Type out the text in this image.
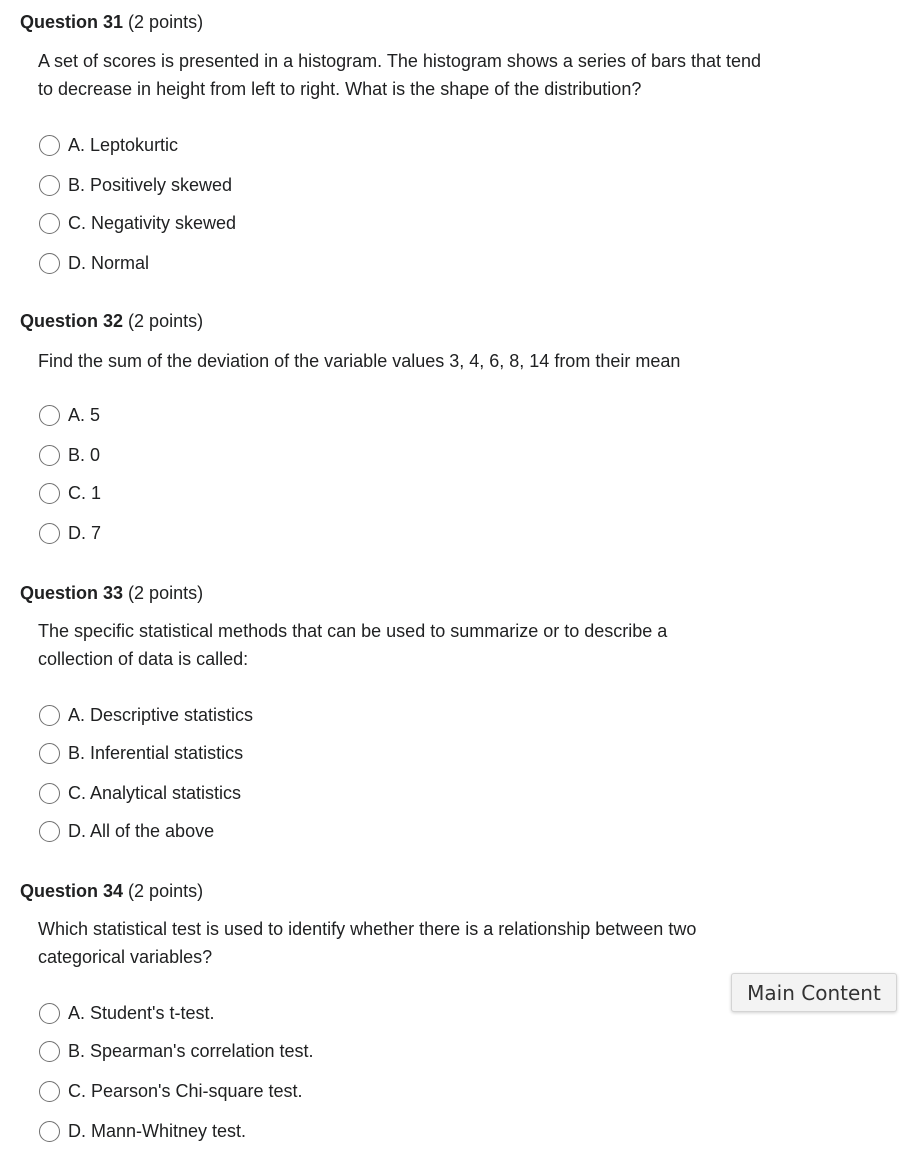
Question 31 (2 points)
A set of scores is presented in a histogram. The histogram shows a series of bars that tend to decrease in height from left to right. What is the shape of the distribution?
A. Leptokurtic
B. Positively skewed
C. Negativity skewed
D. Normal
Question 32 (2 points)
Find the sum of the deviation of the variable values 3, 4, 6, 8, 14 from their mean
A. 5
B. 0
C. 1
D. 7
Question 33 (2 points)
The specific statistical methods that can be used to summarize or to describe a collection of data is called:
A. Descriptive statistics
B. Inferential statistics
C. Analytical statistics
D. All of the above
Question 34 (2 points)
Which statistical test is used to identify whether there is a relationship between two categorical variables?
A. Student's t-test.
B. Spearman's correlation test.
C. Pearson's Chi-square test.
D. Mann-Whitney test.
Main Content
